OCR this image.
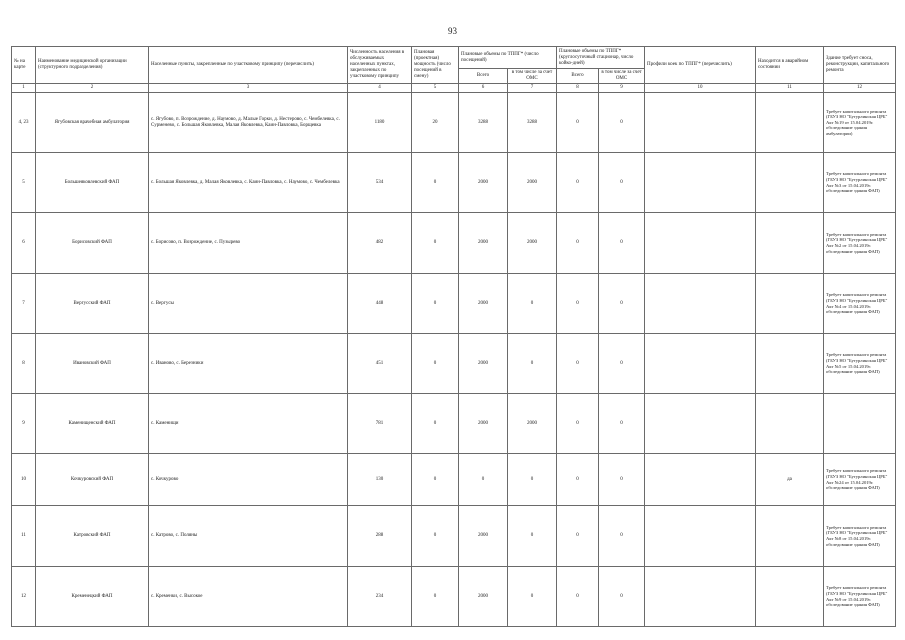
93
№ на карте	Наименование медицинской организации (структурного подразделения)	Населенные пункты, закрепленные по участковому принципу (перечислить)	Численность населения в обслуживаемых населенных пунктах, закрепленных по участковому принципу	Плановая (проектная) мощность (число посещений в смену)	Плановые объемы по ТППГ* (число посещений)		Плановые объемы по ТППГ* (круглосуточный стационар, число койко-дней)		Профили коек по ТППГ* (перечислить)	Находится в аварийном состоянии	Здание требует сноса, реконструкции, капитального ремонта
					Всего	в том числе за счет ОМС	Всего	в том числе за счет ОМС			
1	2	3	4	5	6	7	8	9	10	11	12
4, 23	Ягубовская врачебная амбулатория	с. Ягубово, п. Возрождение, д. Наумово, д. Малые Горки, д. Нестерово, с. Чембелевка, с. Сурменево, с. Большая Яковлевка, Малая Яковлевка, Каин-Павловка, Борщевка	1180	20	3288	3288	0	0			Требует капитального ремонта (ГБУЗ НО "Бутурлинская ЦРБ" Акт №19 от 15.04.2019г. обследование здания амбулатории)
5	Большеяковлевский ФАП	с. Большая Яковлевка, д. Малая Яковлевка, с. Каин-Павловка, с. Наумово, с. Чембелевка	534	0	2000	2000	0	0			Требует капитального ремонта (ГБУЗ НО "Бутурлинская ЦРБ" Акт №3 от 15.04.2019г. обследование здания ФАП)
6	Борисовский ФАП	с. Борисово, п. Возрождение, с. Пузырево	482	0	2000	2000	0	0			Требует капитального ремонта (ГБУЗ НО "Бутурлинская ЦРБ" Акт №2 от 15.04.2019г. обследование здания ФАП)
7	Вергусский ФАП	с. Вергусы	448	0	2000	0	0	0			Требует капитального ремонта (ГБУЗ НО "Бутурлинская ЦРБ" Акт №4 от 15.04.2019г. обследование здания ФАП)
8	Ивановский ФАП	с. Иваново, с. Березники	451	0	2000	0	0	0			Требует капитального ремонта (ГБУЗ НО "Бутурлинская ЦРБ" Акт №5 от 15.04.2019г. обследование здания ФАП)
9	Каменищенский ФАП	с. Каменищи	781	0	2000	2000	0	0			
10	Кочкуровский ФАП	с. Кочкурово	130	0	0	0	0	0		да	Требует капитального ремонта (ГБУЗ НО "Бутурлинская ЦРБ" Акт №24 от 15.04.2019г. обследование здания ФАП)
11	Катровский ФАП	с. Катрово, с. Поляны	288	0	2000	0	0	0			Требует капитального ремонта (ГБУЗ НО "Бутурлинская ЦРБ" Акт №8 от 15.04.2019г. обследование здания ФАП)
12	Кременецкий ФАП	с. Кременки, с. Высокое	234	0	2000	0	0	0			Требует капитального ремонта (ГБУЗ НО "Бутурлинская ЦРБ" Акт №9 от 15.04.2019г. обследование здания ФАП)
